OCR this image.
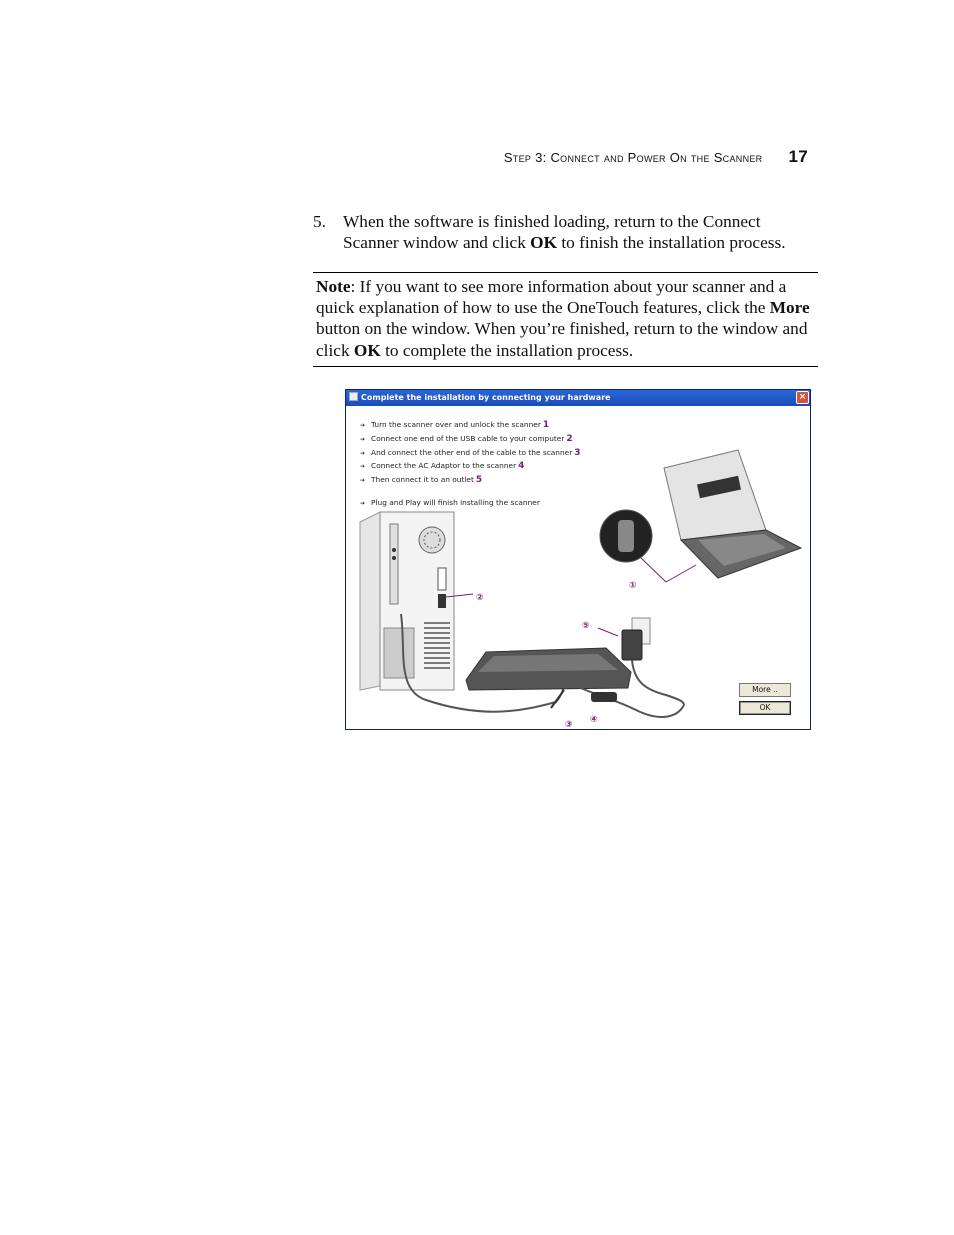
Step 3: Connect and Power On the Scanner 17
5. When the software is finished loading, return to the Connect Scanner window and click OK to finish the installation process.
Note: If you want to see more information about your scanner and a quick explanation of how to use the OneTouch features, click the More button on the window. When you’re finished, return to the window and click OK to complete the installation process.
Complete the installation by connecting your hardware	×
①
②
③ ④
⑤
➔ Turn the scanner over and unlock the scanner 1
➔ Connect one end of the USB cable to your computer 2
➔ And connect the other end of the cable to the scanner 3
➔ Connect the AC Adaptor to the scanner 4
➔ Then connect it to an outlet 5
➔ Plug and Play will finish installing the scanner
More ..
OK
